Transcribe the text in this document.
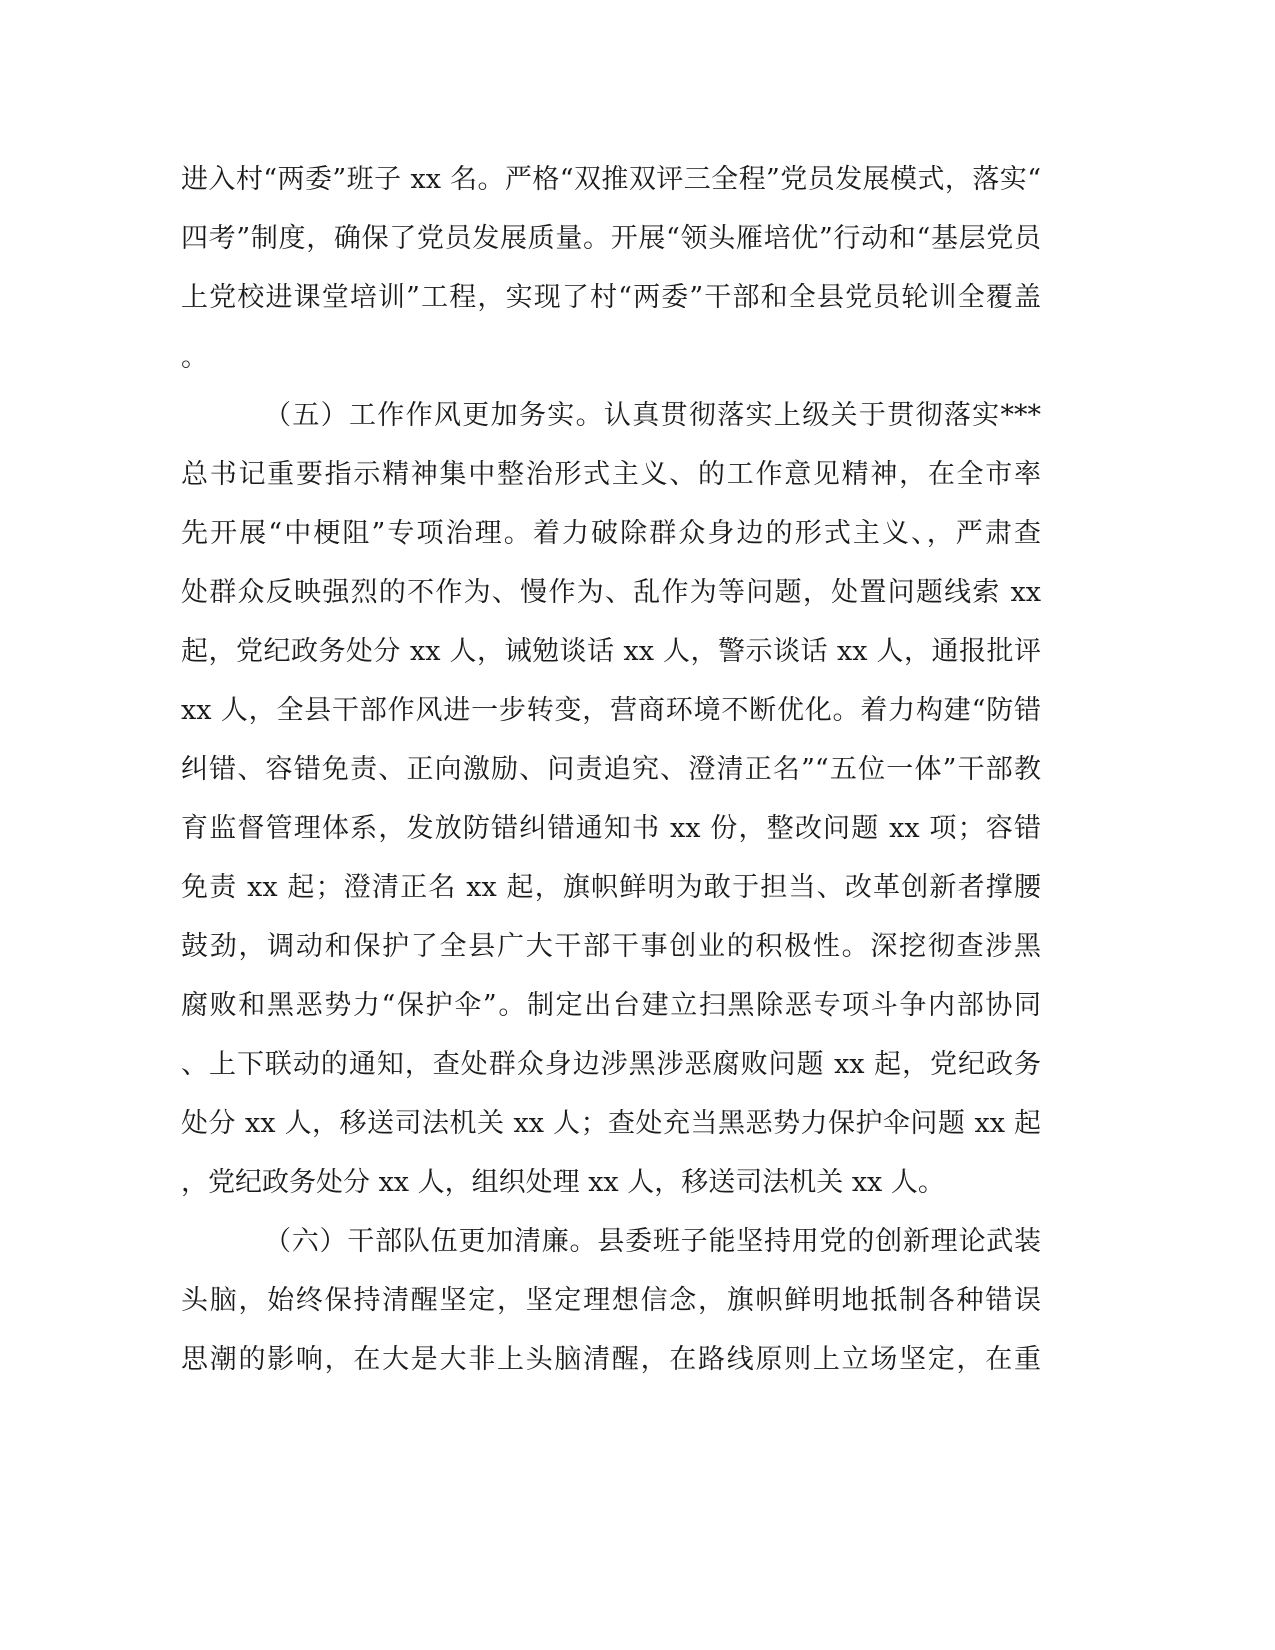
进入村“两委”班子 xx 名。严格“双推双评三全程”党员发展模式，落实“
四考”制度，确保了党员发展质量。开展“领头雁培优”行动和“基层党员
上党校进课堂培训”工程，实现了村“两委”干部和全县党员轮训全覆盖
。
（五）工作作风更加务实。认真贯彻落实上级关于贯彻落实***
总书记重要指示精神集中整治形式主义、的工作意见精神，在全市率
先开展“中梗阻”专项治理。着力破除群众身边的形式主义、，严肃查
处群众反映强烈的不作为、慢作为、乱作为等问题，处置问题线索 xx
起，党纪政务处分 xx 人，诫勉谈话 xx 人，警示谈话 xx 人，通报批评
xx 人，全县干部作风进一步转变，营商环境不断优化。着力构建“防错
纠错、容错免责、正向激励、问责追究、澄清正名”“五位一体”干部教
育监督管理体系，发放防错纠错通知书 xx 份，整改问题 xx 项；容错
免责 xx 起；澄清正名 xx 起，旗帜鲜明为敢于担当、改革创新者撑腰
鼓劲，调动和保护了全县广大干部干事创业的积极性。深挖彻查涉黑
腐败和黑恶势力“保护伞”。制定出台建立扫黑除恶专项斗争内部协同
、上下联动的通知，查处群众身边涉黑涉恶腐败问题 xx 起，党纪政务
处分 xx 人，移送司法机关 xx 人；查处充当黑恶势力保护伞问题 xx 起
，党纪政务处分 xx 人，组织处理 xx 人，移送司法机关 xx 人。
（六）干部队伍更加清廉。县委班子能坚持用党的创新理论武装
头脑，始终保持清醒坚定，坚定理想信念，旗帜鲜明地抵制各种错误
思潮的影响，在大是大非上头脑清醒，在路线原则上立场坚定，在重
